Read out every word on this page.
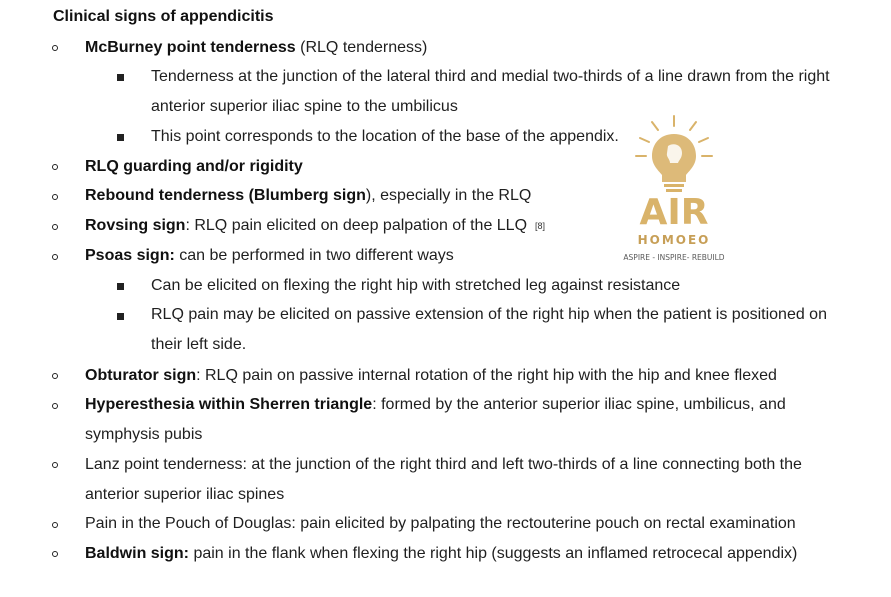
Clinical signs of appendicitis
McBurney point tenderness (RLQ tenderness)
Tenderness at the junction of the lateral third and medial two-thirds of a line drawn from the right
anterior superior iliac spine to the umbilicus
This point corresponds to the location of the base of the appendix.
RLQ guarding and/or rigidity
Rebound tenderness (Blumberg sign), especially in the RLQ
Rovsing sign: RLQ pain elicited on deep palpation of the LLQ [8]
Psoas sign: can be performed in two different ways
Can be elicited on flexing the right hip with stretched leg against resistance
RLQ pain may be elicited on passive extension of the right hip when the patient is positioned on
their left side.
Obturator sign: RLQ pain on passive internal rotation of the right hip with the hip and knee flexed
Hyperesthesia within Sherren triangle: formed by the anterior superior iliac spine, umbilicus, and
symphysis pubis
Lanz point tenderness: at the junction of the right third and left two-thirds of a line connecting both the
anterior superior iliac spines
Pain in the Pouch of Douglas: pain elicited by palpating the rectouterine pouch on rectal examination
Baldwin sign: pain in the flank when flexing the right hip (suggests an inflamed retrocecal appendix)
AIR
HOMOEO
ASPIRE - INSPIRE- REBUILD
